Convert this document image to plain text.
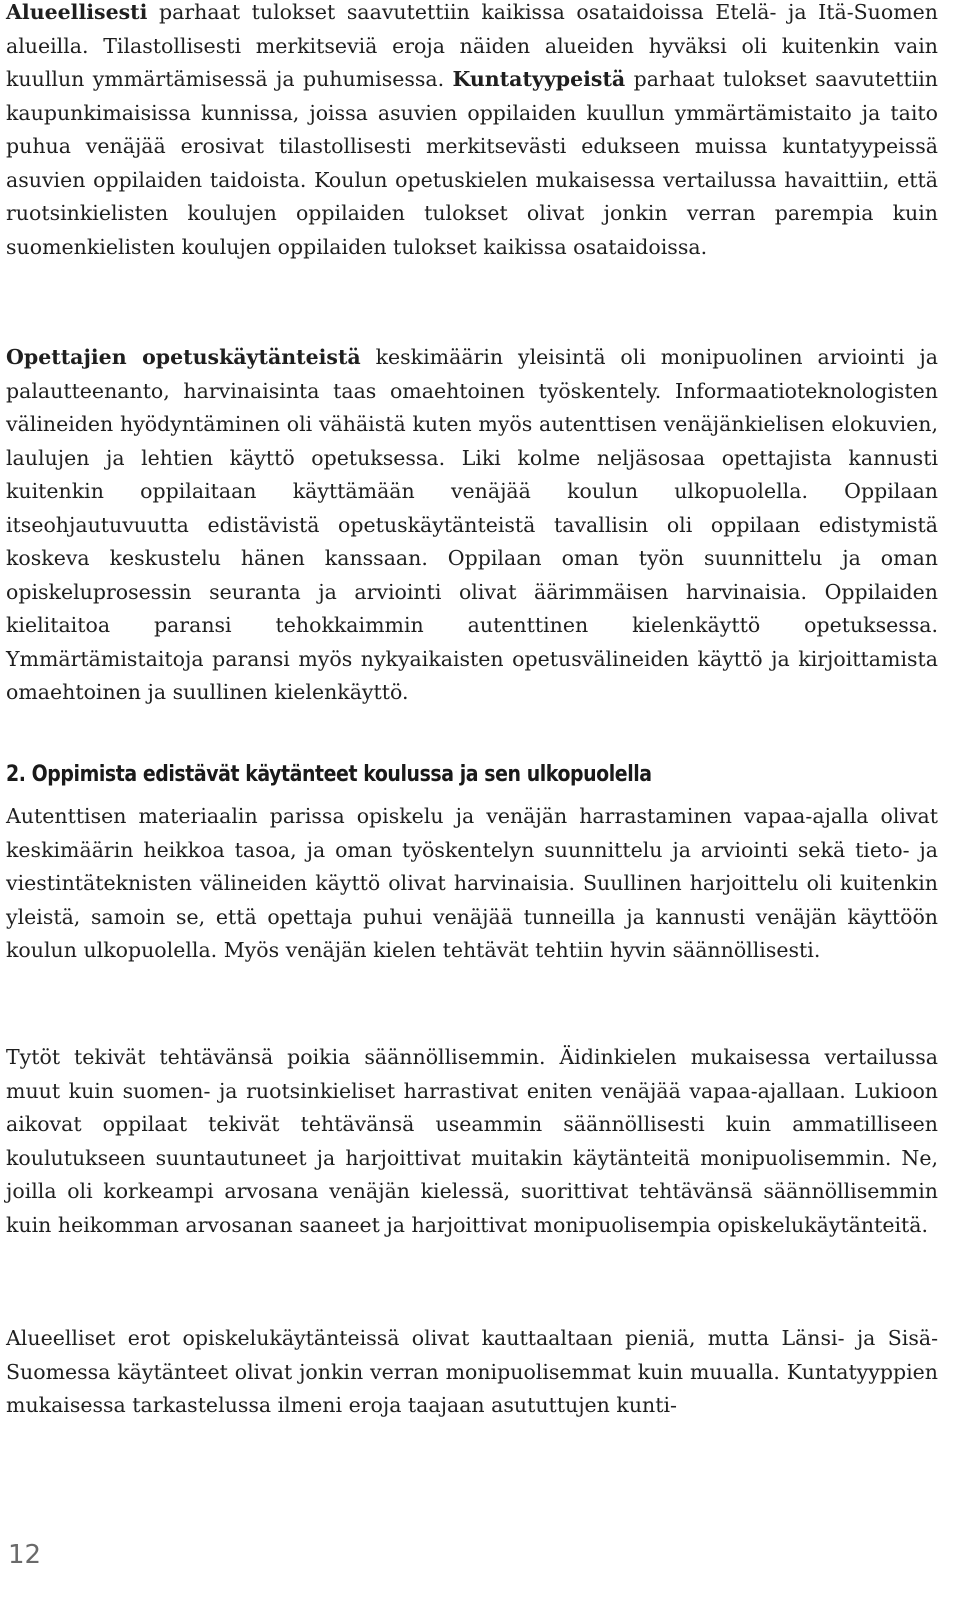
Alueellisesti parhaat tulokset saavutettiin kaikissa osataidoissa Etelä- ja Itä-Suomen alueilla. Tilastollisesti merkitseviä eroja näiden alueiden hyväksi oli kuitenkin vain kuullun ymmärtämisessä ja puhumisessa. Kuntatyypeistä parhaat tulokset saavutettiin kaupunkimaisissa kunnissa, joissa asuvien oppilaiden kuullun ymmärtämistaito ja taito puhua venäjää erosivat tilastollisesti merkitsevästi edukseen muissa kuntatyypeissä asuvien oppilaiden taidoista. Koulun opetuskielen mukaisessa vertailussa havaittiin, että ruotsinkielisten koulujen oppilaiden tulokset olivat jonkin verran parempia kuin suomenkielisten koulujen oppilaiden tulokset kaikissa osataidoissa.

Opettajien opetuskäytänteistä keskimäärin yleisintä oli monipuolinen arviointi ja palautteenanto, harvinaisinta taas omaehtoinen työskentely. Informaatioteknologisten välineiden hyödyntäminen oli vähäistä kuten myös autenttisen venäjänkielisen elokuvien, laulujen ja lehtien käyttö opetuksessa. Liki kolme neljäsosaa opettajista kannusti kuitenkin oppilaitaan käyttämään venäjää koulun ulkopuolella. Oppilaan itseohjautuvuutta edistävistä opetuskäytänteistä tavallisin oli oppilaan edistymistä koskeva keskustelu hänen kanssaan. Oppilaan oman työn suunnittelu ja oman opiskeluprosessin seuranta ja arviointi olivat äärimmäisen harvinaisia. Oppilaiden kielitaitoa paransi tehokkaimmin autenttinen kielenkäyttö opetuksessa. Ymmärtämistaitoja paransi myös nykyaikaisten opetusvälineiden käyttö ja kirjoittamista omaehtoinen ja suullinen kielenkäyttö.

2. Oppimista edistävät käytänteet koulussa ja sen ulkopuolella

Autenttisen materiaalin parissa opiskelu ja venäjän harrastaminen vapaa-ajalla olivat keskimäärin heikkoa tasoa, ja oman työskentelyn suunnittelu ja arviointi sekä tieto- ja viestintäteknisten välineiden käyttö olivat harvinaisia. Suullinen harjoittelu oli kuitenkin yleistä, samoin se, että opettaja puhui venäjää tunneilla ja kannusti venäjän käyttöön koulun ulkopuolella. Myös venäjän kielen tehtävät tehtiin hyvin säännöllisesti.

Tytöt tekivät tehtävänsä poikia säännöllisemmin. Äidinkielen mukaisessa vertailussa muut kuin suomen- ja ruotsinkieliset harrastivat eniten venäjää vapaa-ajallaan. Lukioon aikovat oppilaat tekivät tehtävänsä useammin säännöllisesti kuin ammatilliseen koulutukseen suuntautuneet ja harjoittivat muitakin käytänteitä monipuolisemmin. Ne, joilla oli korkeampi arvosana venäjän kielessä, suorittivat tehtävänsä säännöllisemmin kuin heikomman arvosanan saaneet ja harjoittivat monipuolisempia opiskelukäytänteitä.

Alueelliset erot opiskelukäytänteissä olivat kauttaaltaan pieniä, mutta Länsi- ja Sisä-Suomessa käytänteet olivat jonkin verran monipuolisemmat kuin muualla. Kuntatyyppien mukaisessa tarkastelussa ilmeni eroja taajaan asututtujen kunti-

12
